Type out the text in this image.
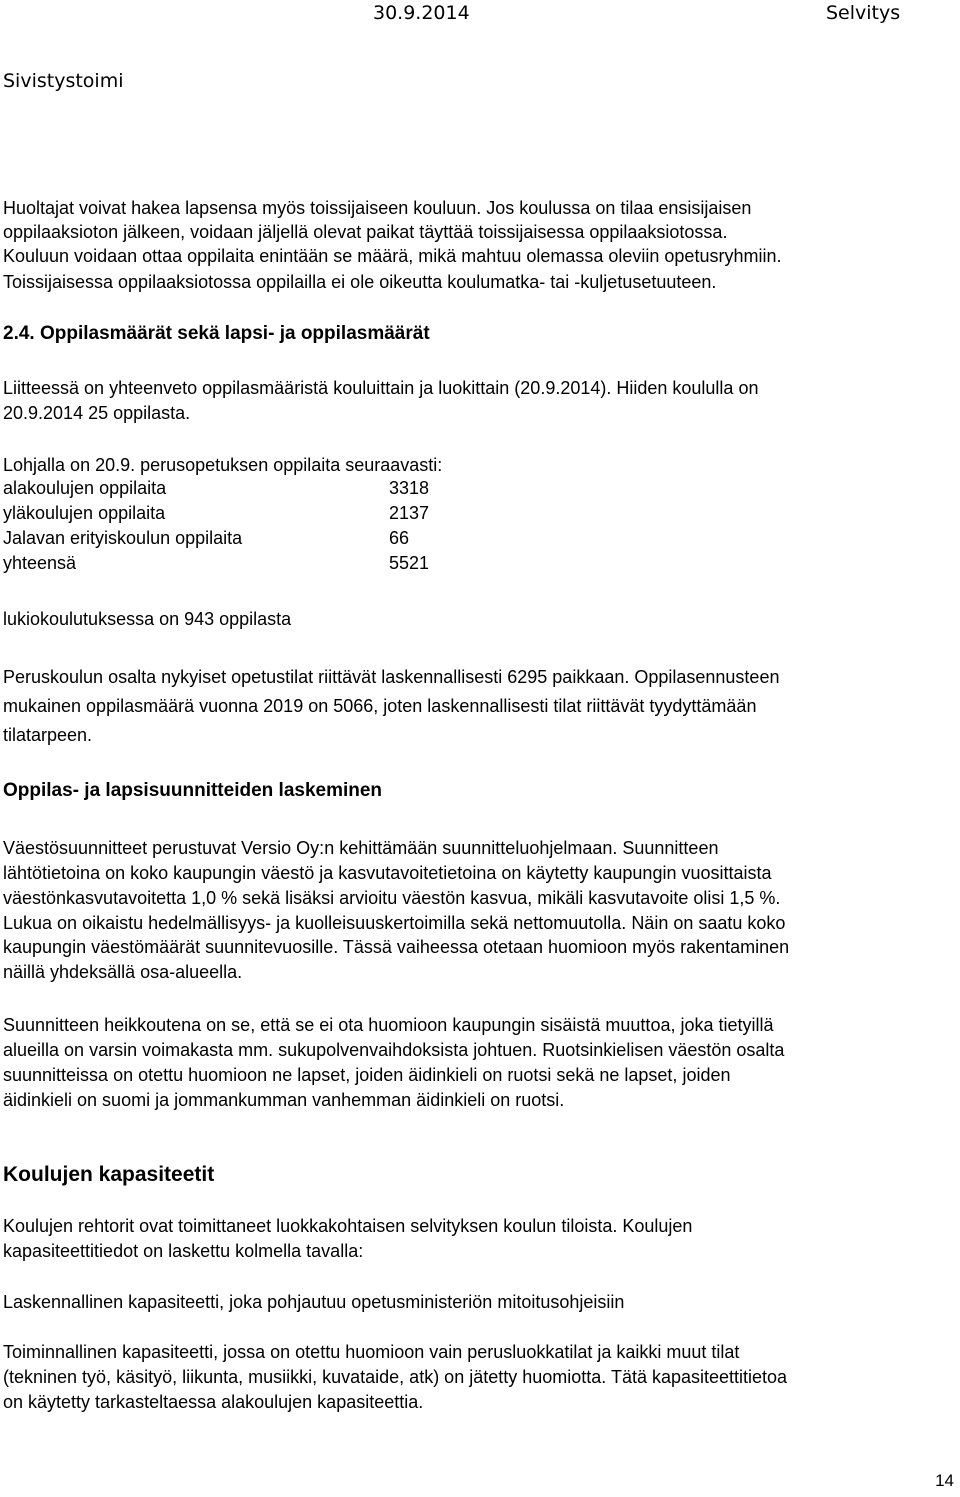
30.9.2014	Selvitys
Sivistystoimi
Huoltajat voivat hakea lapsensa myös toissijaiseen kouluun. Jos koulussa on tilaa ensisijaisen
oppilaaksioton jälkeen, voidaan jäljellä olevat paikat täyttää toissijaisessa oppilaaksiotossa.
Kouluun voidaan ottaa oppilaita enintään se määrä, mikä mahtuu olemassa oleviin opetusryhmiin.
Toissijaisessa oppilaaksiotossa oppilailla ei ole oikeutta koulumatka- tai -kuljetusetuuteen.
2.4. Oppilasmäärät sekä lapsi- ja oppilasmäärät
Liitteessä on yhteenveto oppilasmääristä kouluittain ja luokittain (20.9.2014). Hiiden koululla on
20.9.2014 25 oppilasta.
Lohjalla on 20.9. perusopetuksen oppilaita seuraavasti:
alakoulujen oppilaita	3318
yläkoulujen oppilaita	2137
Jalavan erityiskoulun oppilaita	66
yhteensä	5521
lukiokoulutuksessa on 943 oppilasta
Peruskoulun osalta nykyiset opetustilat riittävät laskennallisesti 6295 paikkaan. Oppilasennusteen
mukainen oppilasmäärä vuonna 2019 on 5066, joten laskennallisesti tilat riittävät tyydyttämään
tilatarpeen.
Oppilas- ja lapsisuunnitteiden laskeminen
Väestösuunnitteet perustuvat Versio Oy:n kehittämään suunnitteluohjelmaan. Suunnitteen
lähtötietoina on koko kaupungin väestö ja kasvutavoitetietoina on käytetty kaupungin vuosittaista
väestönkasvutavoitetta 1,0 % sekä lisäksi arvioitu väestön kasvua, mikäli kasvutavoite olisi 1,5 %.
Lukua on oikaistu hedelmällisyys- ja kuolleisuuskertoimilla sekä nettomuutolla. Näin on saatu koko
kaupungin väestömäärät suunnitevuosille. Tässä vaiheessa otetaan huomioon myös rakentaminen
näillä yhdeksällä osa-alueella.
Suunnitteen heikkoutena on se, että se ei ota huomioon kaupungin sisäistä muuttoa, joka tietyillä
alueilla on varsin voimakasta mm. sukupolvenvaihdoksista johtuen. Ruotsinkielisen väestön osalta
suunnitteissa on otettu huomioon ne lapset, joiden äidinkieli on ruotsi sekä ne lapset, joiden
äidinkieli on suomi ja jommankumman vanhemman äidinkieli on ruotsi.
Koulujen kapasiteetit
Koulujen rehtorit ovat toimittaneet luokkakohtaisen selvityksen koulun tiloista. Koulujen
kapasiteettitiedot on laskettu kolmella tavalla:
Laskennallinen kapasiteetti, joka pohjautuu opetusministeriön mitoitusohjeisiin
Toiminnallinen kapasiteetti, jossa on otettu huomioon vain perusluokkatilat ja kaikki muut tilat
(tekninen työ, käsityö, liikunta, musiikki, kuvataide, atk) on jätetty huomiotta. Tätä kapasiteettitietoa
on käytetty tarkasteltaessa alakoulujen kapasiteettia.
14
